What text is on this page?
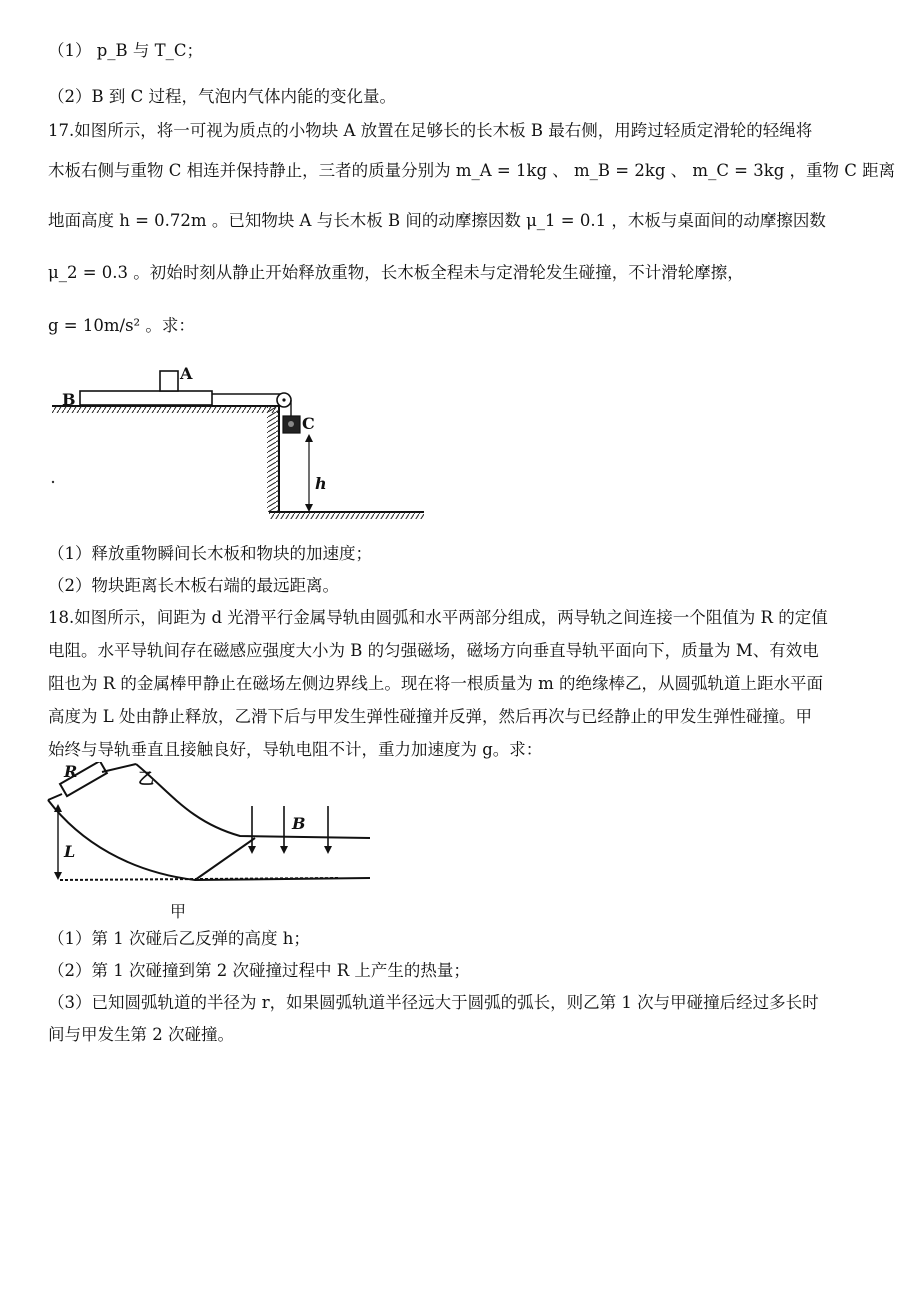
（1） p_B 与 T_C；
（2）B 到 C 过程，气泡内气体内能的变化量。
17.如图所示，将一可视为质点的小物块 A 放置在足够长的长木板 B 最右侧，用跨过轻质定滑轮的轻绳将
木板右侧与重物 C 相连并保持静止，三者的质量分别为 m_A = 1kg 、 m_B = 2kg 、 m_C = 3kg ，重物 C 距离
地面高度 h = 0.72m 。已知物块 A 与长木板 B 间的动摩擦因数 μ_1 = 0.1 ，木板与桌面间的动摩擦因数
μ_2 = 0.3 。初始时刻从静止开始释放重物，长木板全程未与定滑轮发生碰撞，不计滑轮摩擦，
g = 10m/s² 。求：
B
A
C
h
（1）释放重物瞬间长木板和物块的加速度；
（2）物块距离长木板右端的最远距离。
18.如图所示，间距为 d 光滑平行金属导轨由圆弧和水平两部分组成，两导轨之间连接一个阻值为 R 的定值
电阻。水平导轨间存在磁感应强度大小为 B 的匀强磁场，磁场方向垂直导轨平面向下，质量为 M、有效电
阻也为 R 的金属棒甲静止在磁场左侧边界线上。现在将一根质量为 m 的绝缘棒乙，从圆弧轨道上距水平面
高度为 L 处由静止释放，乙滑下后与甲发生弹性碰撞并反弹，然后再次与已经静止的甲发生弹性碰撞。甲
始终与导轨垂直且接触良好，导轨电阻不计，重力加速度为 g。求：
R	乙
B
L
甲
（1）第 1 次碰后乙反弹的高度 h；
（2）第 1 次碰撞到第 2 次碰撞过程中 R 上产生的热量；
（3）已知圆弧轨道的半径为 r，如果圆弧轨道半径远大于圆弧的弧长，则乙第 1 次与甲碰撞后经过多长时
间与甲发生第 2 次碰撞。
